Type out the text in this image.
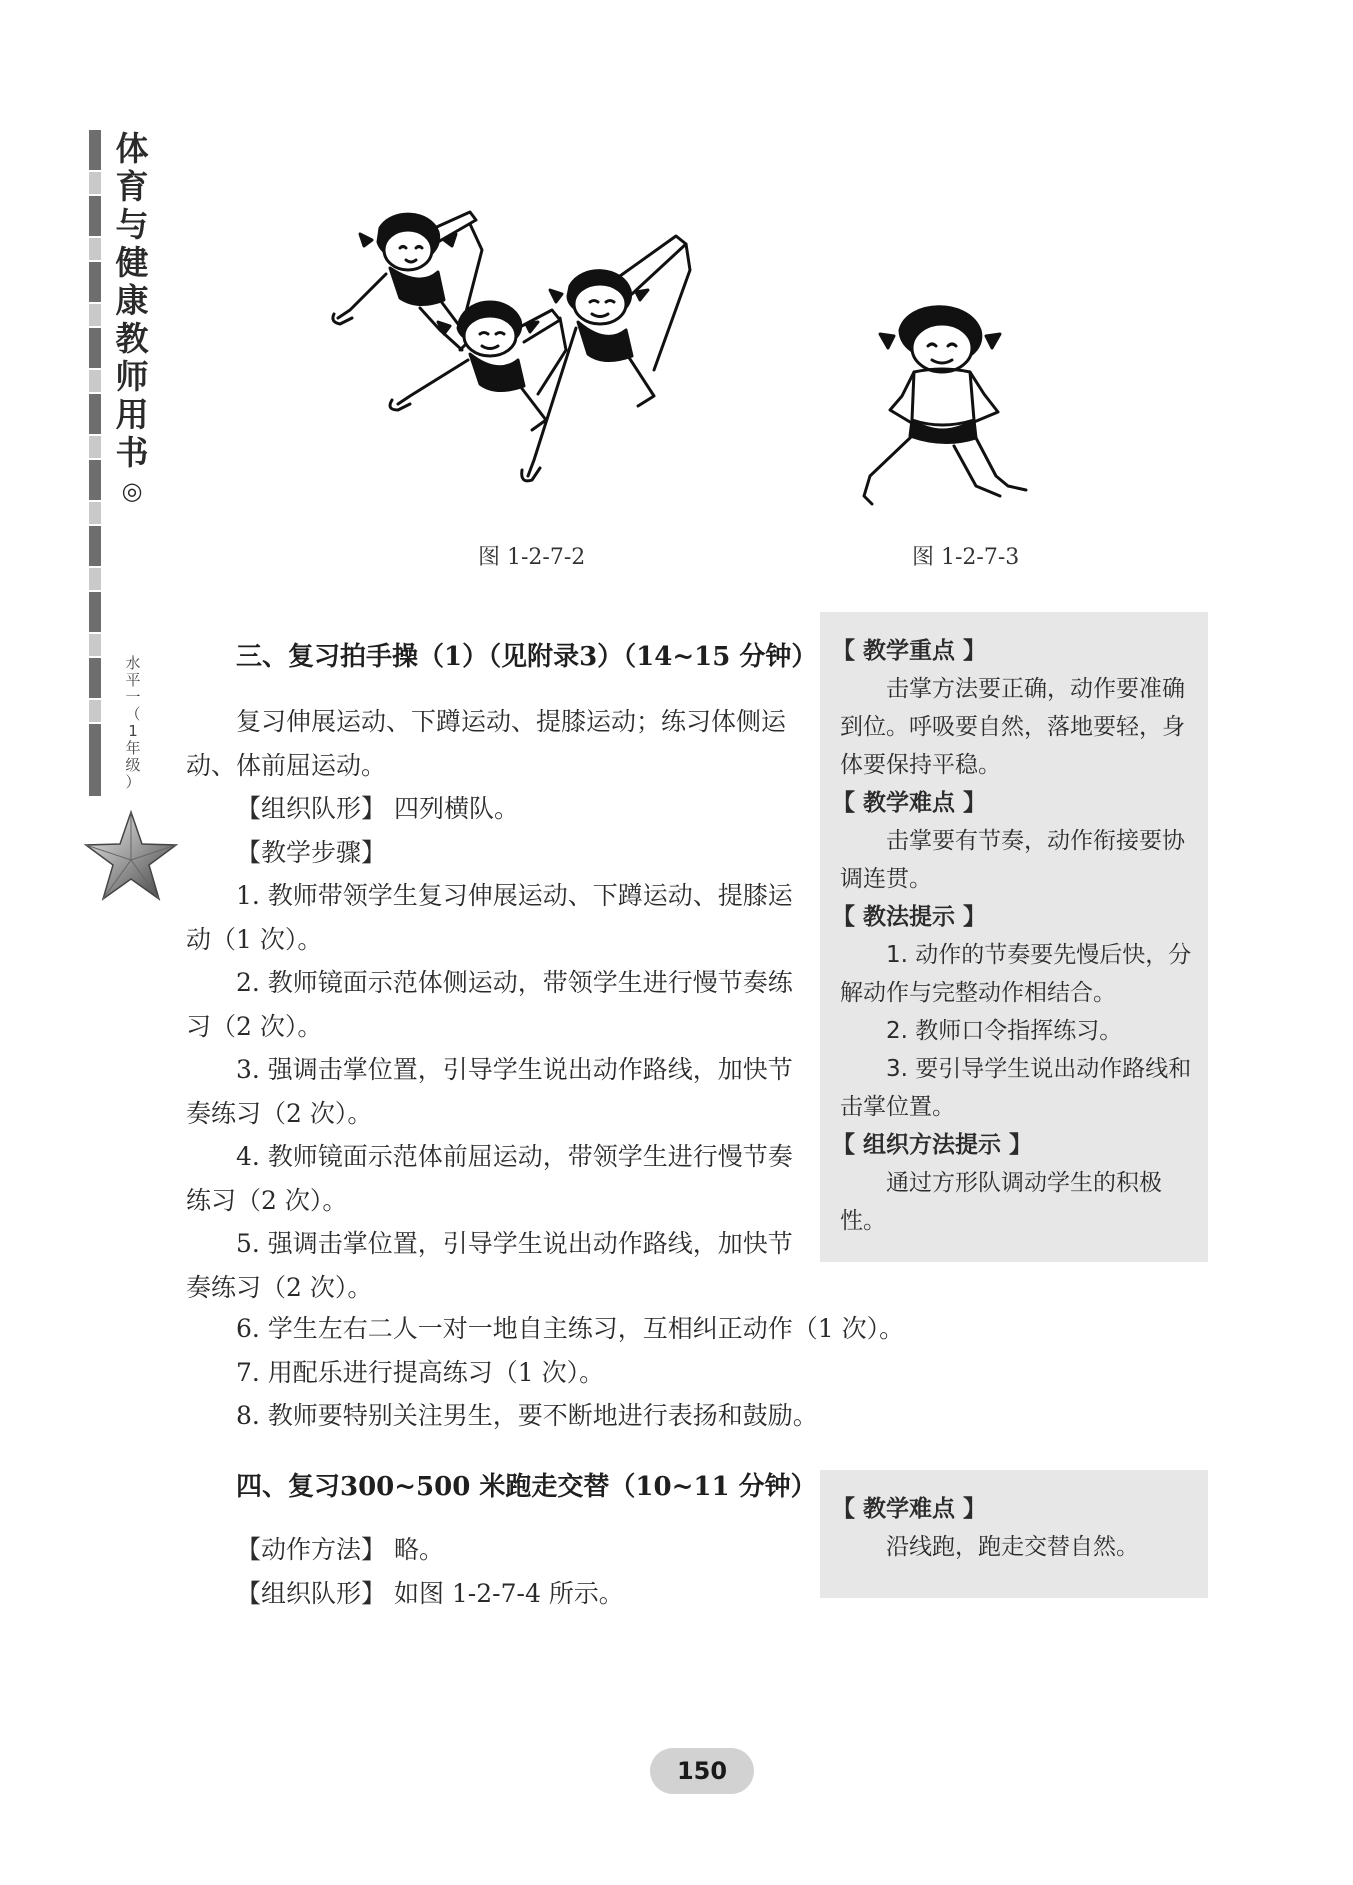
体
育
与
健
康
教
师
用
书
◎
水
平
一
（
1
年
级
）
图 1-2-7-2	图 1-2-7-3
三、复习拍手操（1）（见附录3）（14~15 分钟）

复习伸展运动、下蹲运动、提膝运动；练习体侧运动、体前屈运动。

【组织队形】 四列横队。

【教学步骤】

1. 教师带领学生复习伸展运动、下蹲运动、提膝运动（1 次）。

2. 教师镜面示范体侧运动，带领学生进行慢节奏练习（2 次）。

3. 强调击掌位置，引导学生说出动作路线，加快节奏练习（2 次）。

4. 教师镜面示范体前屈运动，带领学生进行慢节奏练习（2 次）。

5. 强调击掌位置，引导学生说出动作路线，加快节奏练习（2 次）。

6. 学生左右二人一对一地自主练习，互相纠正动作（1 次）。

7. 用配乐进行提高练习（1 次）。

8. 教师要特别关注男生，要不断地进行表扬和鼓励。

【 教学重点 】

击掌方法要正确，动作要准确到位。呼吸要自然，落地要轻，身体要保持平稳。

【 教学难点 】

击掌要有节奏，动作衔接要协调连贯。

【 教法提示 】

1. 动作的节奏要先慢后快，分解动作与完整动作相结合。

2. 教师口令指挥练习。

3. 要引导学生说出动作路线和击掌位置。

【 组织方法提示 】

通过方形队调动学生的积极性。

四、复习300~500 米跑走交替（10~11 分钟）

【动作方法】 略。

【组织队形】 如图 1-2-7-4 所示。

【 教学难点 】

沿线跑，跑走交替自然。

150
